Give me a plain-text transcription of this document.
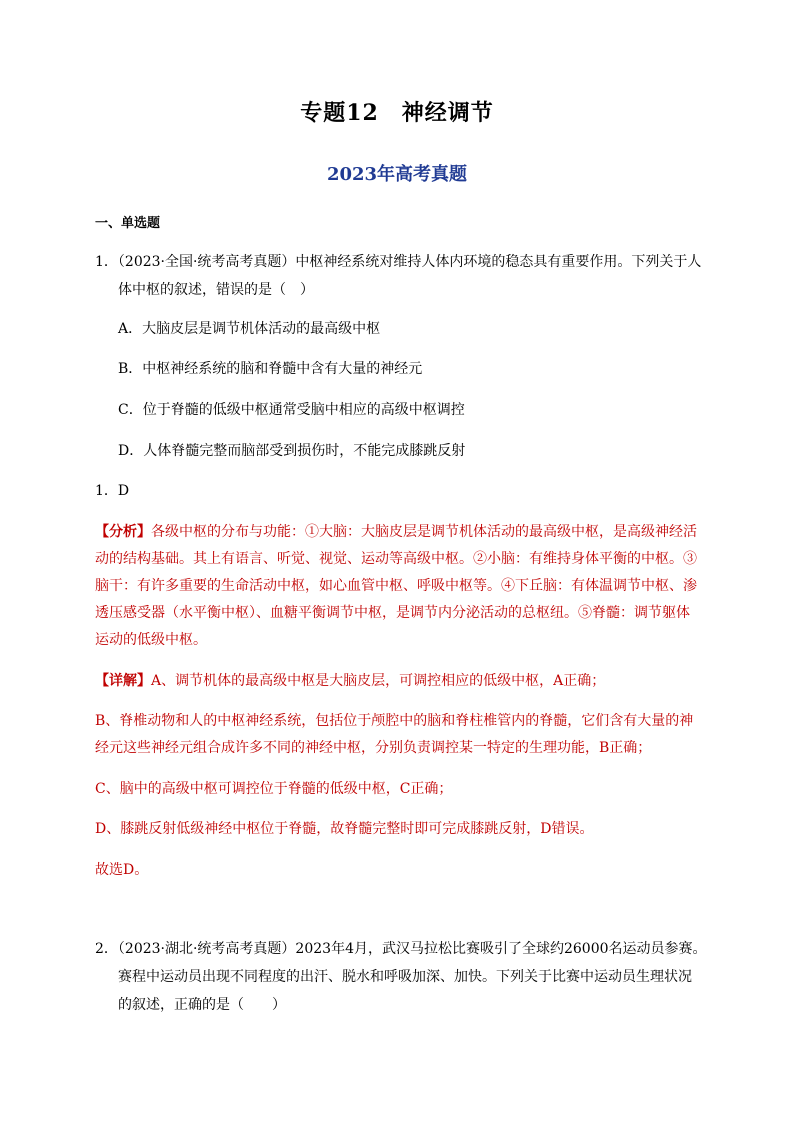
专题12　神经调节
2023年高考真题
一、单选题
1．（2023·全国·统考高考真题）中枢神经系统对维持人体内环境的稳态具有重要作用。下列关于人
体中枢的叙述，错误的是（　）
A．大脑皮层是调节机体活动的最高级中枢
B．中枢神经系统的脑和脊髓中含有大量的神经元
C．位于脊髓的低级中枢通常受脑中相应的高级中枢调控
D．人体脊髓完整而脑部受到损伤时，不能完成膝跳反射
1．D
【分析】各级中枢的分布与功能：①大脑：大脑皮层是调节机体活动的最高级中枢，是高级神经活
动的结构基础。其上有语言、听觉、视觉、运动等高级中枢。②小脑：有维持身体平衡的中枢。③
脑干：有许多重要的生命活动中枢，如心血管中枢、呼吸中枢等。④下丘脑：有体温调节中枢、渗
透压感受器（水平衡中枢）、血糖平衡调节中枢，是调节内分泌活动的总枢纽。⑤脊髓：调节躯体
运动的低级中枢。
【详解】A、调节机体的最高级中枢是大脑皮层，可调控相应的低级中枢，A正确；
B、脊椎动物和人的中枢神经系统，包括位于颅腔中的脑和脊柱椎管内的脊髓，它们含有大量的神
经元这些神经元组合成许多不同的神经中枢，分别负责调控某一特定的生理功能，B正确；
C、脑中的高级中枢可调控位于脊髓的低级中枢，C正确；
D、膝跳反射低级神经中枢位于脊髓，故脊髓完整时即可完成膝跳反射，D错误。
故选D。
2．（2023·湖北·统考高考真题）2023年4月，武汉马拉松比赛吸引了全球约26000名运动员参赛。
赛程中运动员出现不同程度的出汗、脱水和呼吸加深、加快。下列关于比赛中运动员生理状况
的叙述，正确的是（　　）
